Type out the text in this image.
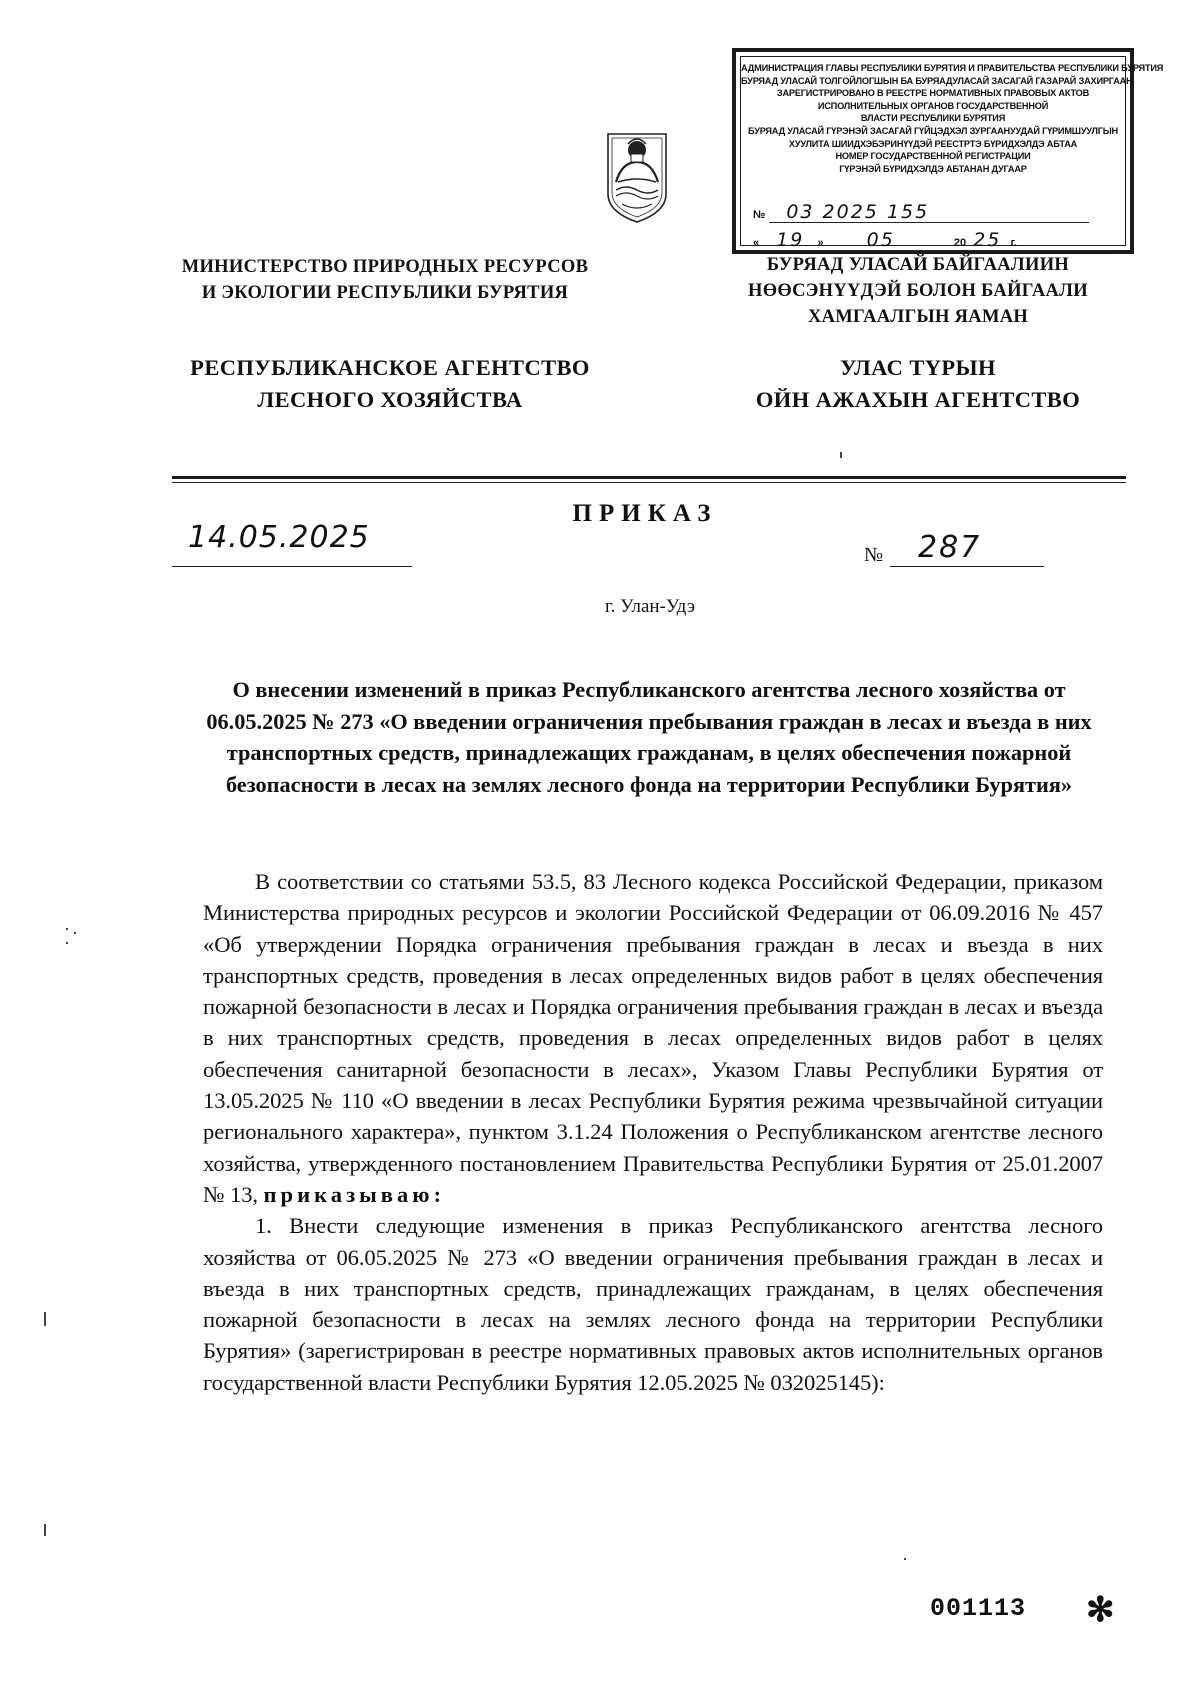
АДМИНИСТРАЦИЯ ГЛАВЫ РЕСПУБЛИКИ БУРЯТИЯ И ПРАВИТЕЛЬСТВА РЕСПУБЛИКИ БУРЯТИЯ
БУРЯАД УЛАСАЙ ТОЛГОЙЛОГШЫН БА БУРЯАДУЛАСАЙ ЗАСАГАЙ ГАЗАРАЙ ЗАХИРГААН
ЗАРЕГИСТРИРОВАНО В РЕЕСТРЕ НОРМАТИВНЫХ ПРАВОВЫХ АКТОВ
ИСПОЛНИТЕЛЬНЫХ ОРГАНОВ ГОСУДАРСТВЕННОЙ
ВЛАСТИ РЕСПУБЛИКИ БУРЯТИЯ
БУРЯАД УЛАСАЙ ГҮРЭНЭЙ ЗАСАГАЙ ГҮЙЦЭДХЭЛ ЗУРГААНУУДАЙ ГҮРИМШУУЛГЫН
ХУУЛИТА ШИИДХЭБЭРИНҮҮДЭЙ РЕЕСТРТЭ БҮРИДХЭЛДЭ АБТАА
НОМЕР ГОСУДАРСТВЕННОЙ РЕГИСТРАЦИИ
ГҮРЭНЭЙ БҮРИДХЭЛДЭ АБТАНАН ДУГААР
№ 03 2025 155
« 19 » 05	20 25 г.
МИНИСТЕРСТВО ПРИРОДНЫХ РЕСУРСОВ
И ЭКОЛОГИИ РЕСПУБЛИКИ БУРЯТИЯ
БУРЯАД УЛАСАЙ БАЙГААЛИИН
НӨӨСЭНҮҮДЭЙ БОЛОН БАЙГААЛИ
ХАМГААЛГЫН ЯАМАН
РЕСПУБЛИКАНСКОЕ АГЕНТСТВО
ЛЕСНОГО ХОЗЯЙСТВА
УЛАС ТҮРЫН
ОЙН АЖАХЫН АГЕНТСТВО
ПРИКАЗ
14.05.2025	№ 287
г. Улан-Удэ
О внесении изменений в приказ Республиканского агентства лесного хозяйства от 06.05.2025 № 273 «О введении ограничения пребывания граждан в лесах и въезда в них транспортных средств, принадлежащих гражданам, в целях обеспечения пожарной безопасности в лесах на землях лесного фонда на территории Республики Бурятия»

В соответствии со статьями 53.5, 83 Лесного кодекса Российской Федерации, приказом Министерства природных ресурсов и экологии Российской Федерации от 06.09.2016 № 457 «Об утверждении Порядка ограничения пребывания граждан в лесах и въезда в них транспортных средств, проведения в лесах определенных видов работ в целях обеспечения пожарной безопасности в лесах и Порядка ограничения пребывания граждан в лесах и въезда в них транспортных средств, проведения в лесах определенных видов работ в целях обеспечения санитарной безопасности в лесах», Указом Главы Республики Бурятия от 13.05.2025 № 110 «О введении в лесах Республики Бурятия режима чрезвычайной ситуации регионального характера», пунктом 3.1.24 Положения о Республиканском агентстве лесного хозяйства, утвержденного постановлением Правительства Республики Бурятия от 25.01.2007 № 13, приказываю:

1. Внести следующие изменения в приказ Республиканского агентства лесного хозяйства от 06.05.2025 № 273 «О введении ограничения пребывания граждан в лесах и въезда в них транспортных средств, принадлежащих гражданам, в целях обеспечения пожарной безопасности в лесах на землях лесного фонда на территории Республики Бурятия» (зарегистрирован в реестре нормативных правовых актов исполнительных органов государственной власти Республики Бурятия 12.05.2025 № 032025145):

001113 ✻
